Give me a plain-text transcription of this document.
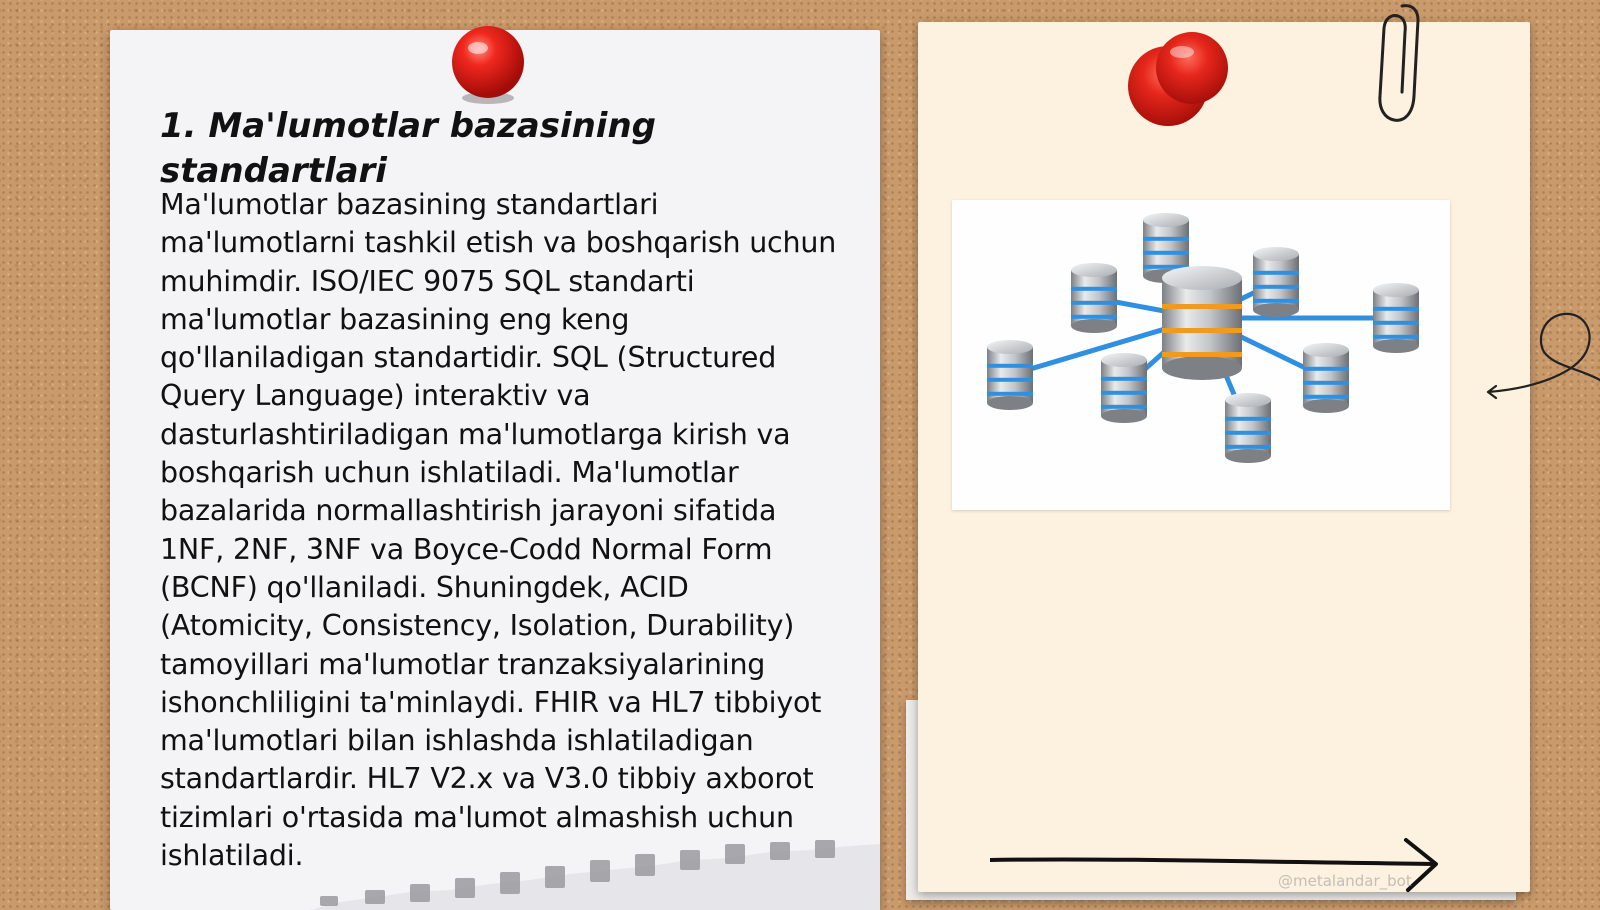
1. Ma'lumotlar bazasining standartlari

Ma'lumotlar bazasining standartlari ma'lumotlarni tashkil etish va boshqarish uchun muhimdir. ISO/IEC 9075 SQL standarti ma'lumotlar bazasining eng keng qo'llaniladigan standartidir. SQL (Structured Query Language) interaktiv va dasturlashtiriladigan ma'lumotlarga kirish va boshqarish uchun ishlatiladi. Ma'lumotlar bazalarida normallashtirish jarayoni sifatida 1NF, 2NF, 3NF va Boyce-Codd Normal Form (BCNF) qo'llaniladi. Shuningdek, ACID (Atomicity, Consistency, Isolation, Durability) tamoyillari ma'lumotlar tranzaksiyalarining ishonchliligini ta'minlaydi. FHIR va HL7 tibbiyot ma'lumotlari bilan ishlashda ishlatiladigan standartlardir. HL7 V2.x va V3.0 tibbiy axborot tizimlari o'rtasida ma'lumot almashish uchun ishlatiladi.

@metalandar_bot
